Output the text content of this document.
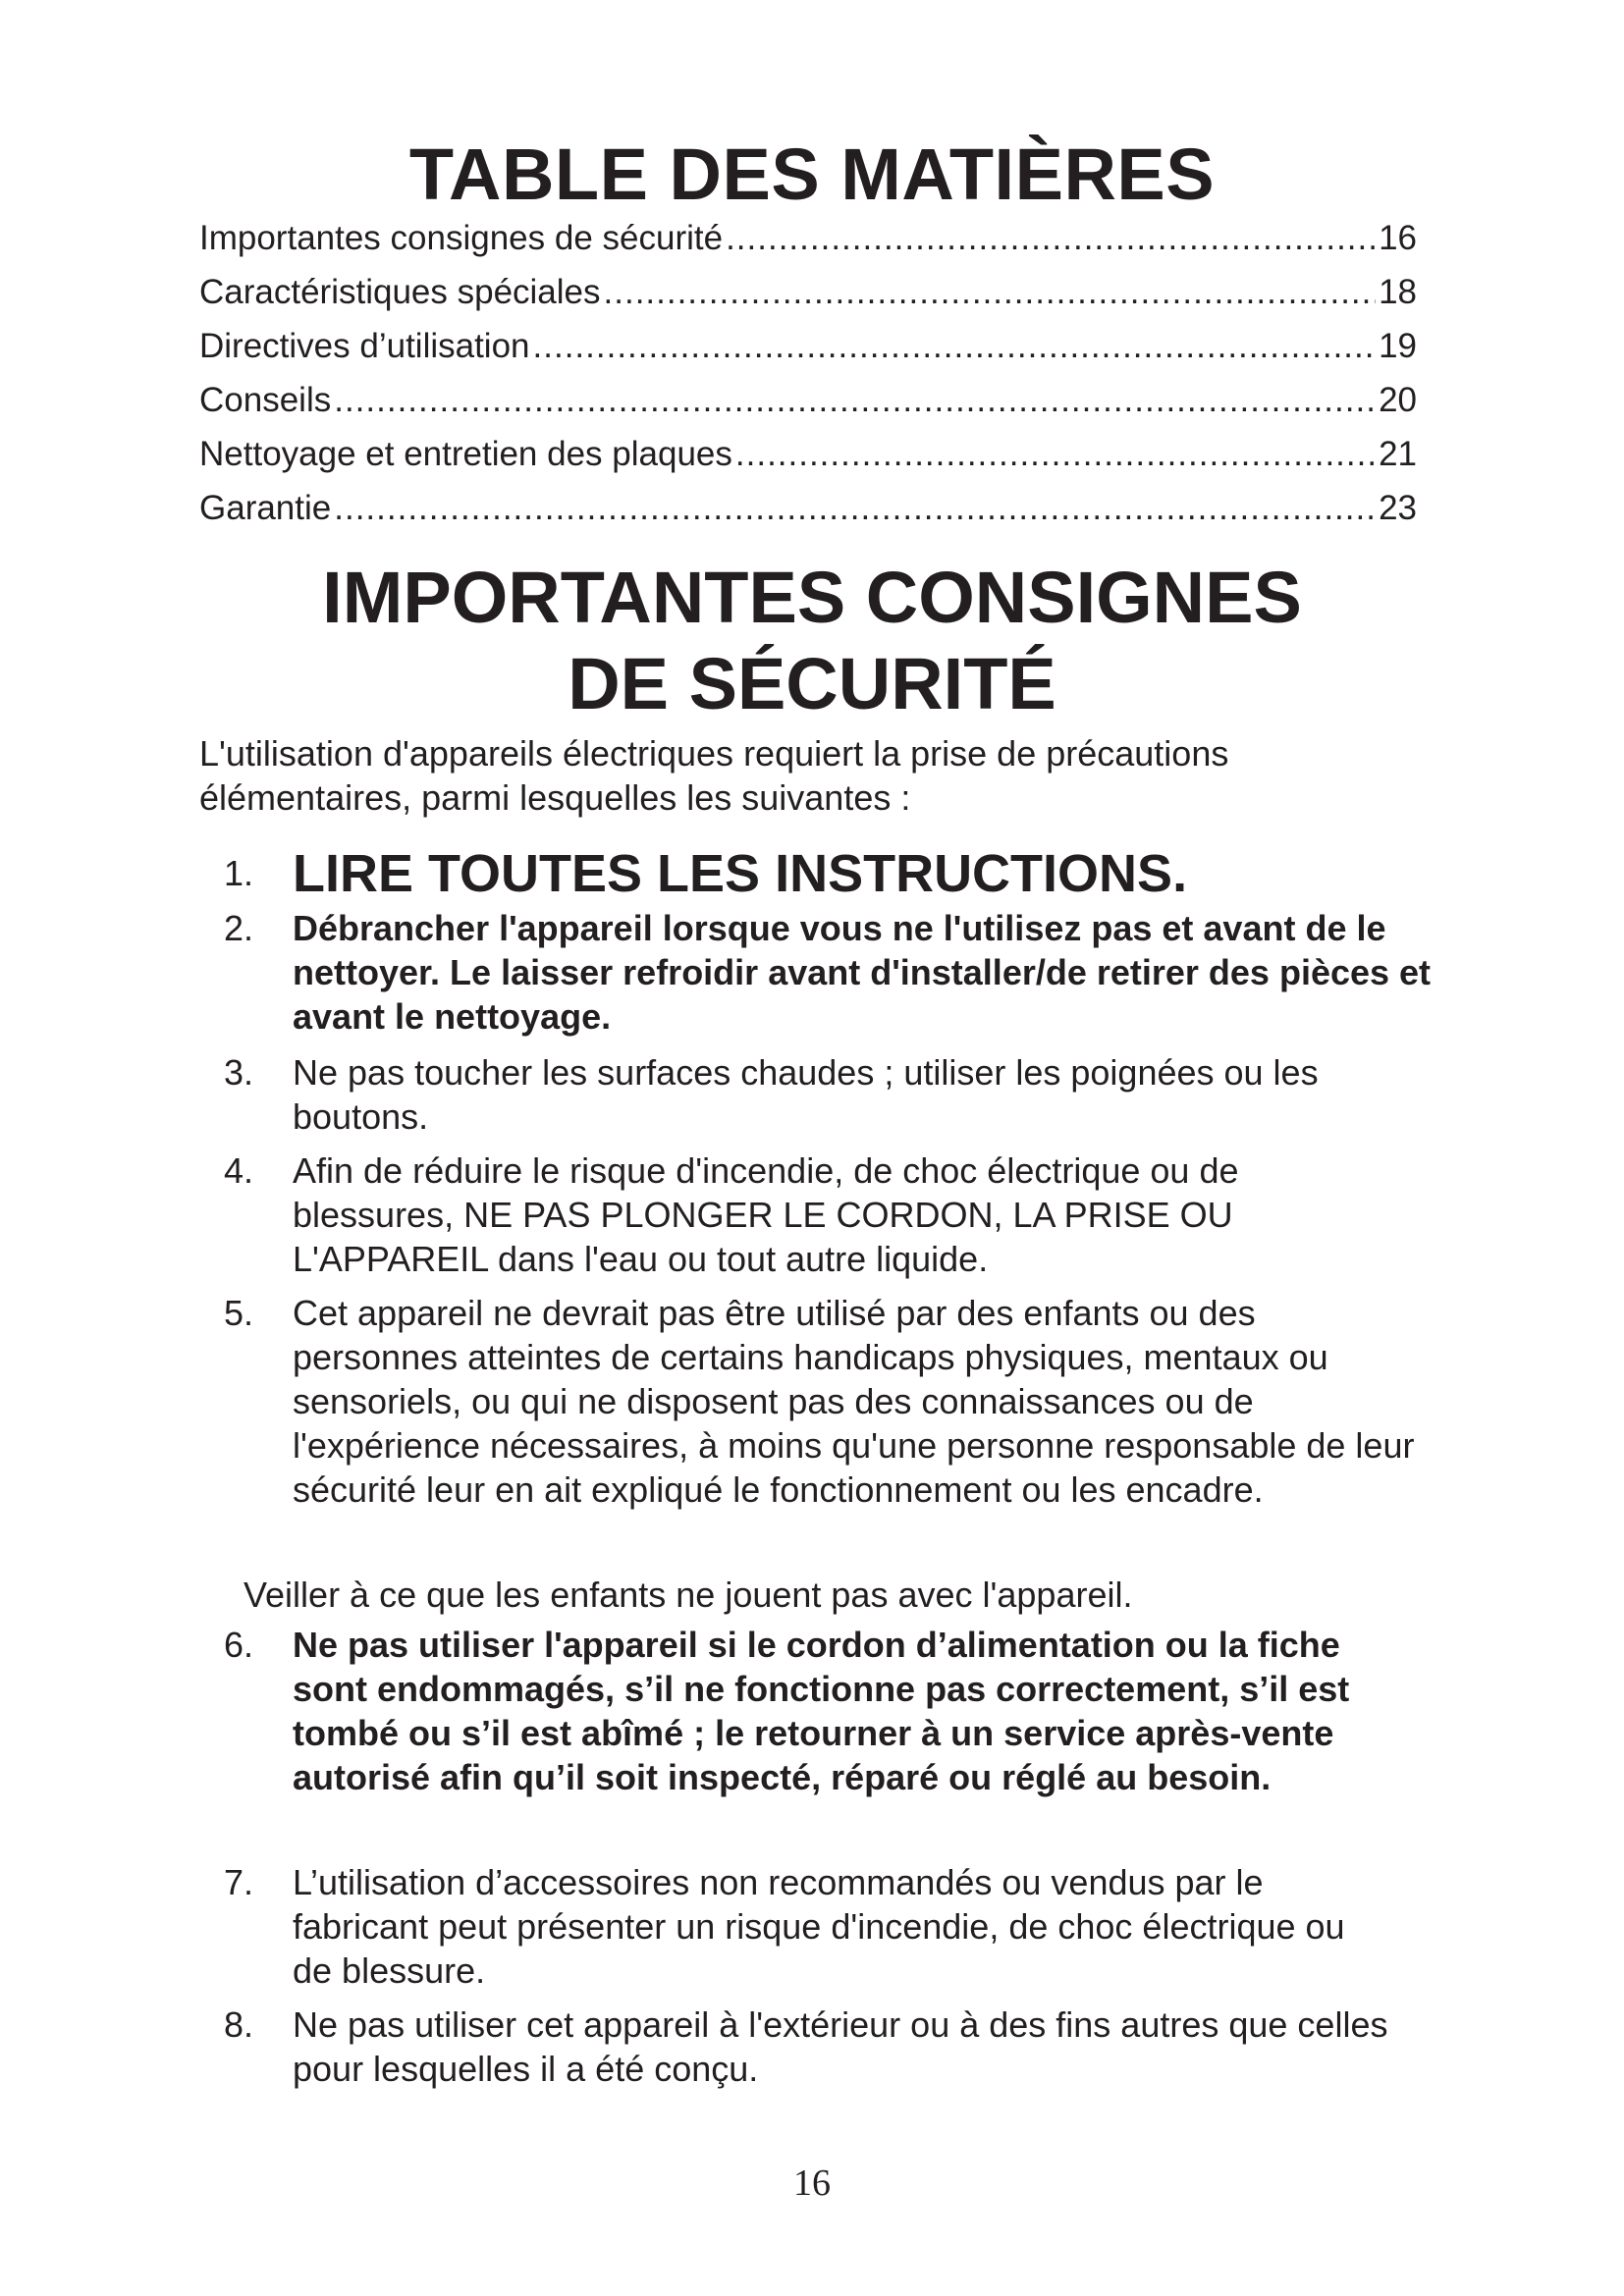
TABLE DES MATIÈRES
Importantes consignes de sécurité .....	16
Caractéristiques spéciales .....	18
Directives d’utilisation .....	19
Conseils .....	20
Nettoyage et entretien des plaques .....	21
Garantie .....	23
IMPORTANTES CONSIGNES
DE SÉCURITÉ

L'utilisation d'appareils électriques requiert la prise de précautions élémentaires, parmi lesquelles les suivantes :

1. LIRE TOUTES LES INSTRUCTIONS.
2.	Débrancher l'appareil lorsque vous ne l'utilisez pas et avant de le nettoyer. Le laisser refroidir avant d'installer/de retirer des pièces et avant le nettoyage.
3.	Ne pas toucher les surfaces chaudes ; utiliser les poignées ou les boutons.
4.	Afin de réduire le risque d'incendie, de choc électrique ou de blessures, NE PAS PLONGER LE CORDON, LA PRISE OU L'APPAREIL dans l'eau ou tout autre liquide.
5.	Cet appareil ne devrait pas être utilisé par des enfants ou des personnes atteintes de certains handicaps physiques, mentaux ou sensoriels, ou qui ne disposent pas des connaissances ou de l'expérience nécessaires, à moins qu'une personne responsable de leur sécurité leur en ait expliqué le fonctionnement ou les encadre.
Veiller à ce que les enfants ne jouent pas avec l'appareil.
6.	Ne pas utiliser l'appareil si le cordon d’alimentation ou la fiche sont endommagés, s’il ne fonctionne pas correctement, s’il est tombé ou s’il est abîmé ; le retourner à un service après-vente autorisé afin qu’il soit inspecté, réparé ou réglé au besoin.
7.	L’utilisation d’accessoires non recommandés ou vendus par le fabricant peut présenter un risque d'incendie, de choc électrique ou de blessure.
8.	Ne pas utiliser cet appareil à l'extérieur ou à des fins autres que celles pour lesquelles il a été conçu.
16
